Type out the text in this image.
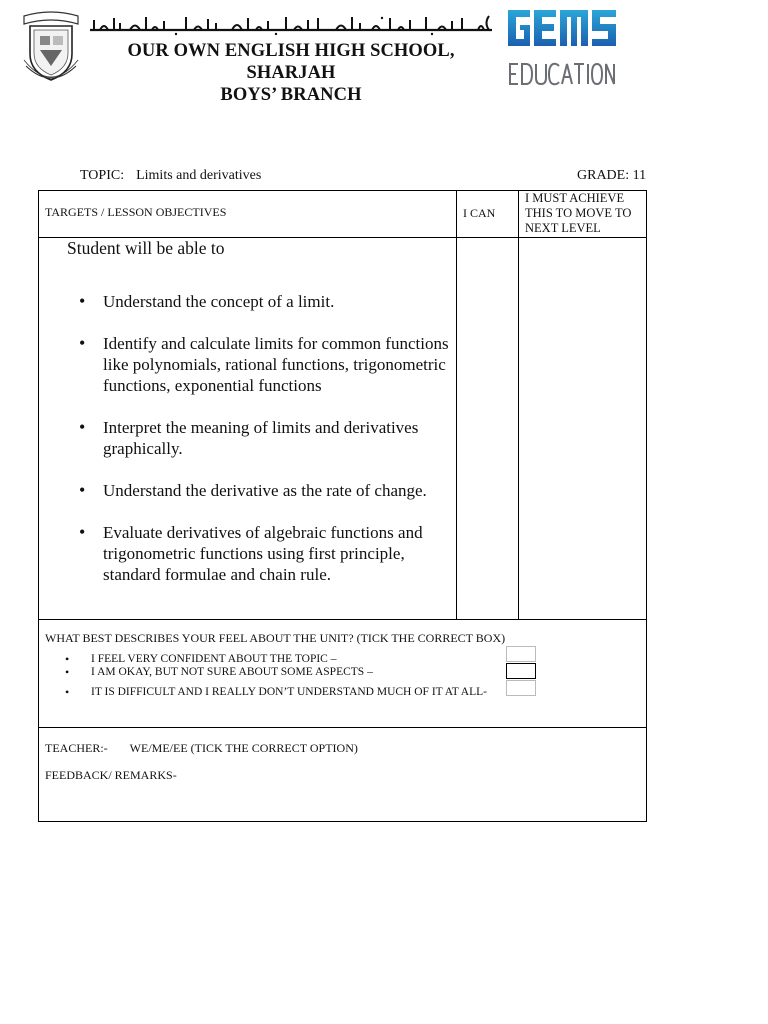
OUR OWN ENGLISH HIGH SCHOOL, SHARJAH
BOYS’ BRANCH
TOPIC: Limits and derivatives	GRADE: 11
TARGETS / LESSON OBJECTIVES	I CAN
I MUST ACHIEVE
THIS TO MOVE TO
NEXT LEVEL
Student will be able to
• Understand the concept of a limit.
• Identify and calculate limits for common functions like polynomials, rational functions, trigonometric functions, exponential functions
• Interpret the meaning of limits and derivatives graphically.
• Understand the derivative as the rate of change.
• Evaluate derivatives of algebraic functions and trigonometric functions using first principle, standard formulae and chain rule.
WHAT BEST DESCRIBES YOUR FEEL ABOUT THE UNIT? (TICK THE CORRECT BOX)
• I FEEL VERY CONFIDENT ABOUT THE TOPIC –
• I AM OKAY, BUT NOT SURE ABOUT SOME ASPECTS –
• IT IS DIFFICULT AND I REALLY DON’T UNDERSTAND MUCH OF IT AT ALL-
TEACHER:- WE/ME/EE (TICK THE CORRECT OPTION)
FEEDBACK/ REMARKS-
